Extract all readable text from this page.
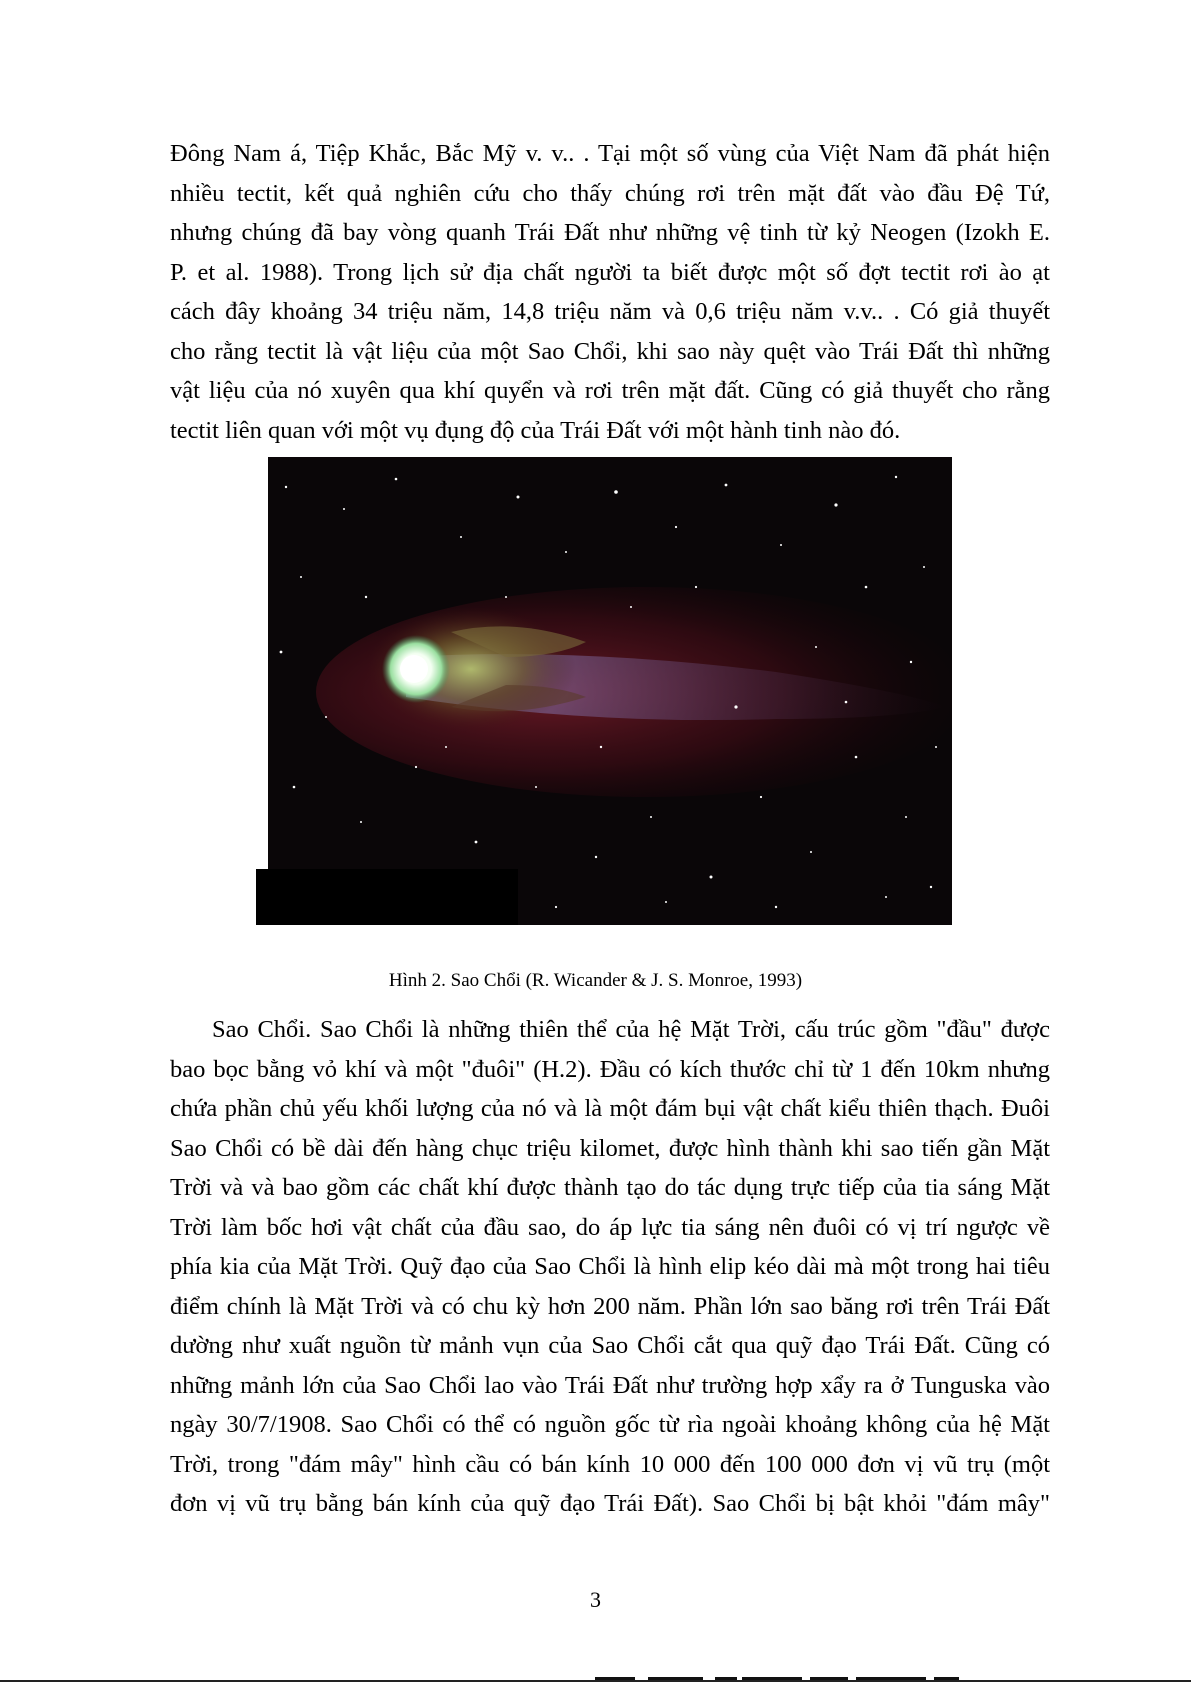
Đông Nam á, Tiệp Khắc, Bắc Mỹ v. v.. . Tại một số vùng của Việt Nam đã phát hiện
nhiều tectit, kết quả nghiên cứu cho thấy chúng rơi trên mặt đất vào đầu Đệ Tứ,
nhưng chúng đã bay vòng quanh Trái Đất như những vệ tinh từ kỷ Neogen (Izokh E.
P. et al. 1988). Trong lịch sử địa chất người ta biết được một số đợt tectit rơi ào ạt
cách đây khoảng 34 triệu năm, 14,8 triệu năm và 0,6 triệu năm v.v.. . Có giả thuyết
cho rằng tectit là vật liệu của một Sao Chổi, khi sao này quệt vào Trái Đất thì những
vật liệu của nó xuyên qua khí quyển và rơi trên mặt đất. Cũng có giả thuyết cho rằng
tectit liên quan với một vụ đụng độ của Trái Đất với một hành tinh nào đó.
Hình 2. Sao Chổi (R. Wicander & J. S. Monroe, 1993)
Sao Chổi. Sao Chổi là những thiên thể của hệ Mặt Trời, cấu trúc gồm "đầu" được
bao bọc bằng vỏ khí và một "đuôi" (H.2). Đầu có kích thước chỉ từ 1 đến 10km nhưng
chứa phần chủ yếu khối lượng của nó và là một đám bụi vật chất kiểu thiên thạch. Đuôi
Sao Chổi có bề dài đến hàng chục triệu kilomet, được hình thành khi sao tiến gần Mặt
Trời và và bao gồm các chất khí được thành tạo do tác dụng trực tiếp của tia sáng Mặt
Trời làm bốc hơi vật chất của đầu sao, do áp lực tia sáng nên đuôi có vị trí ngược về
phía kia của Mặt Trời. Quỹ đạo của Sao Chổi là hình elip kéo dài mà một trong hai tiêu
điểm chính là Mặt Trời và có chu kỳ hơn 200 năm. Phần lớn sao băng rơi trên Trái Đất
dường như xuất nguồn từ mảnh vụn của Sao Chổi cắt qua quỹ đạo Trái Đất. Cũng có
những mảnh lớn của Sao Chổi lao vào Trái Đất như trường hợp xẩy ra ở Tunguska vào
ngày 30/7/1908. Sao Chổi có thể có nguồn gốc từ rìa ngoài khoảng không của hệ Mặt
Trời, trong "đám mây" hình cầu có bán kính 10 000 đến 100 000 đơn vị vũ trụ (một
đơn vị vũ trụ bằng bán kính của quỹ đạo Trái Đất). Sao Chổi bị bật khỏi "đám mây"
3
